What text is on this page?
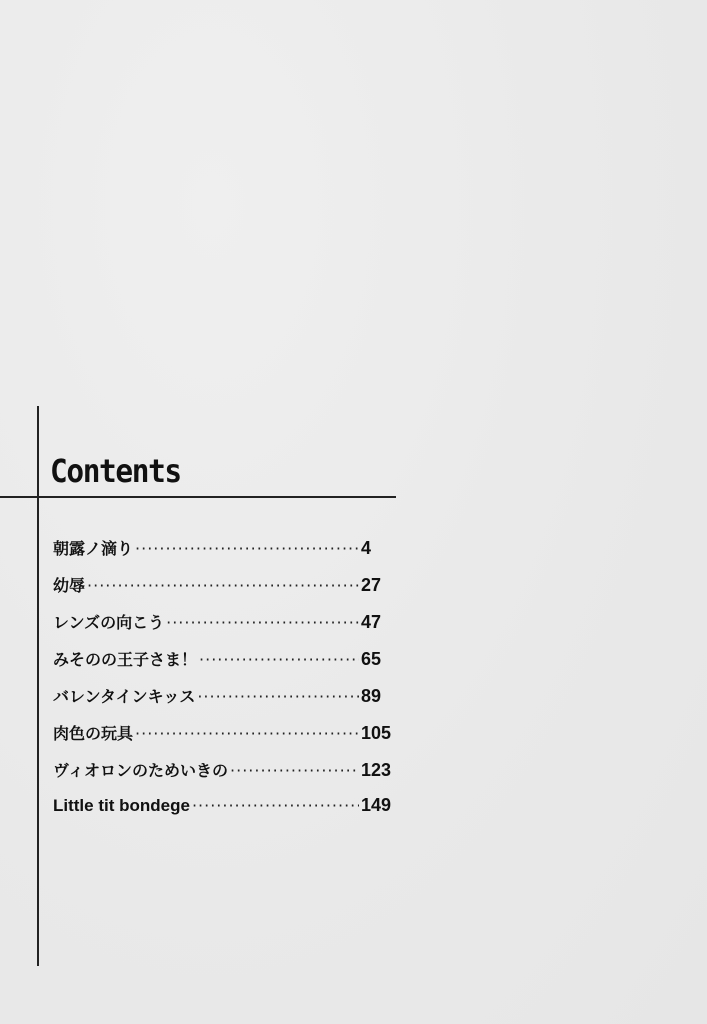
Contents
朝露ノ滴り ·····	4
幼辱 ·····	27
レンズの向こう ·····	47
みそのの王子さま！ ·····	65
バレンタインキッス ·····	89
肉色の玩具 ·····	105
ヴィオロンのためいきの ·····	123
Little tit bondege ·····	149
